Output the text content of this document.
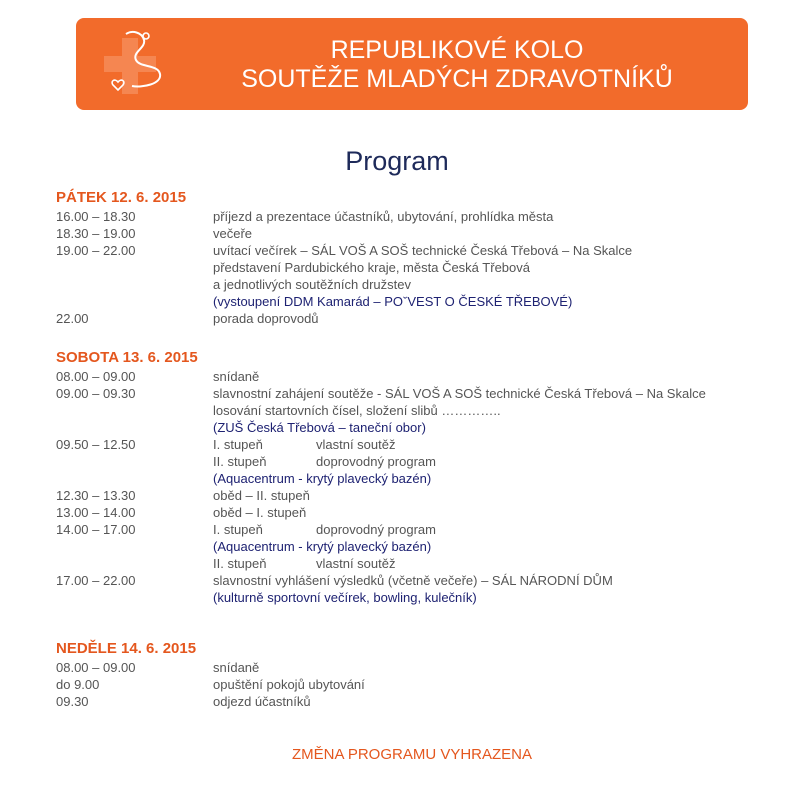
REPUBLIKOVÉ KOLO
SOUTĚŽE MLADÝCH ZDRAVOTNÍKŮ
Program
PÁTEK 12. 6. 2015
16.00 – 18.30	příjezd a prezentace účastníků, ubytování, prohlídka města
18.30 – 19.00	večeře
19.00 – 22.00	uvítací večírek – SÁL VOŠ A SOŠ technické Česká Třebová – Na Skalce
představení Pardubického kraje, města Česká Třebová
a jednotlivých soutěžních družstev
(vystoupení DDM Kamarád – POˇVEST O ČESKÉ TŘEBOVÉ)
22.00	porada doprovodů
SOBOTA 13. 6. 2015
08.00 – 09.00	snídaně
09.00 – 09.30	slavnostní zahájení soutěže - SÁL VOŠ A SOŠ technické Česká Třebová – Na Skalce
losování startovních čísel, složení slibů …………..
(ZUŠ Česká Třebová – taneční obor)
09.50 – 12.50	I. stupeň	vlastní soutěž
II. stupeň	doprovodný program
(Aquacentrum - krytý plavecký bazén)
12.30 – 13.30	oběd – II. stupeň
13.00 – 14.00	oběd – I. stupeň
14.00 – 17.00	I. stupeň	doprovodný program
(Aquacentrum - krytý plavecký bazén)
II. stupeň	vlastní soutěž
17.00 – 22.00	slavnostní vyhlášení výsledků (včetně večeře) – SÁL NÁRODNÍ DŮM
(kulturně sportovní večírek, bowling, kulečník)
NEDĚLE 14. 6. 2015
08.00 – 09.00	snídaně
do 9.00	opuštění pokojů ubytování
09.30	odjezd účastníků
ZMĚNA PROGRAMU VYHRAZENA
